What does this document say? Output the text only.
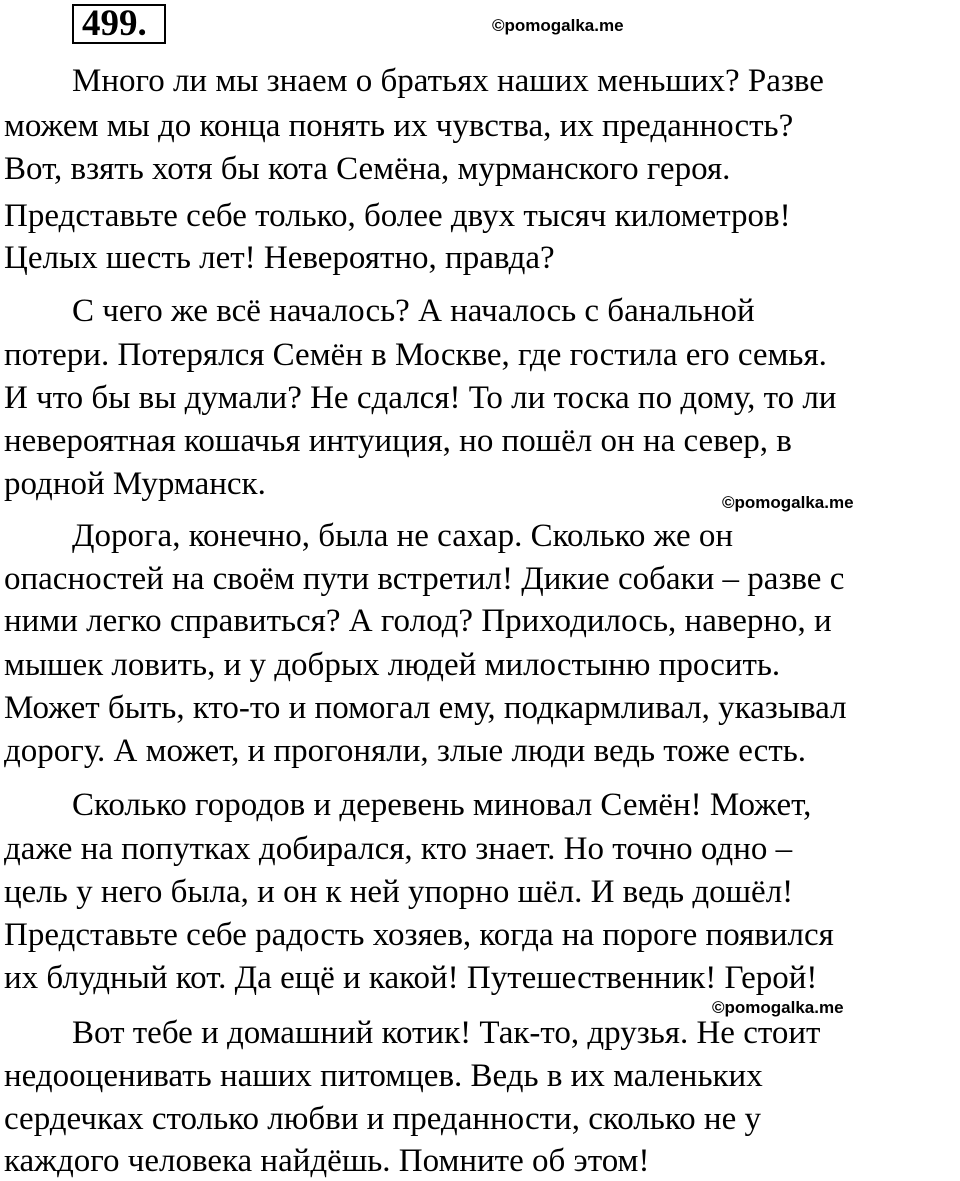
499.	©pomogalka.me
©pomogalka.me
©pomogalka.me
Много ли мы знаем о братьях наших меньших? Разве
можем мы до конца понять их чувства, их преданность?
Вот, взять хотя бы кота Семёна, мурманского героя.
Представьте себе только, более двух тысяч километров!
Целых шесть лет! Невероятно, правда?
С чего же всё началось? А началось с банальной
потери. Потерялся Семён в Москве, где гостила его семья.
И что бы вы думали? Не сдался! То ли тоска по дому, то ли
невероятная кошачья интуиция, но пошёл он на север, в
родной Мурманск.
Дорога, конечно, была не сахар. Сколько же он
опасностей на своём пути встретил! Дикие собаки – разве с
ними легко справиться? А голод? Приходилось, наверно, и
мышек ловить, и у добрых людей милостыню просить.
Может быть, кто-то и помогал ему, подкармливал, указывал
дорогу. А может, и прогоняли, злые люди ведь тоже есть.
Сколько городов и деревень миновал Семён! Может,
даже на попутках добирался, кто знает. Но точно одно –
цель у него была, и он к ней упорно шёл. И ведь дошёл!
Представьте себе радость хозяев, когда на пороге появился
их блудный кот. Да ещё и какой! Путешественник! Герой!
Вот тебе и домашний котик! Так-то, друзья. Не стоит
недооценивать наших питомцев. Ведь в их маленьких
сердечках столько любви и преданности, сколько не у
каждого человека найдёшь. Помните об этом!
